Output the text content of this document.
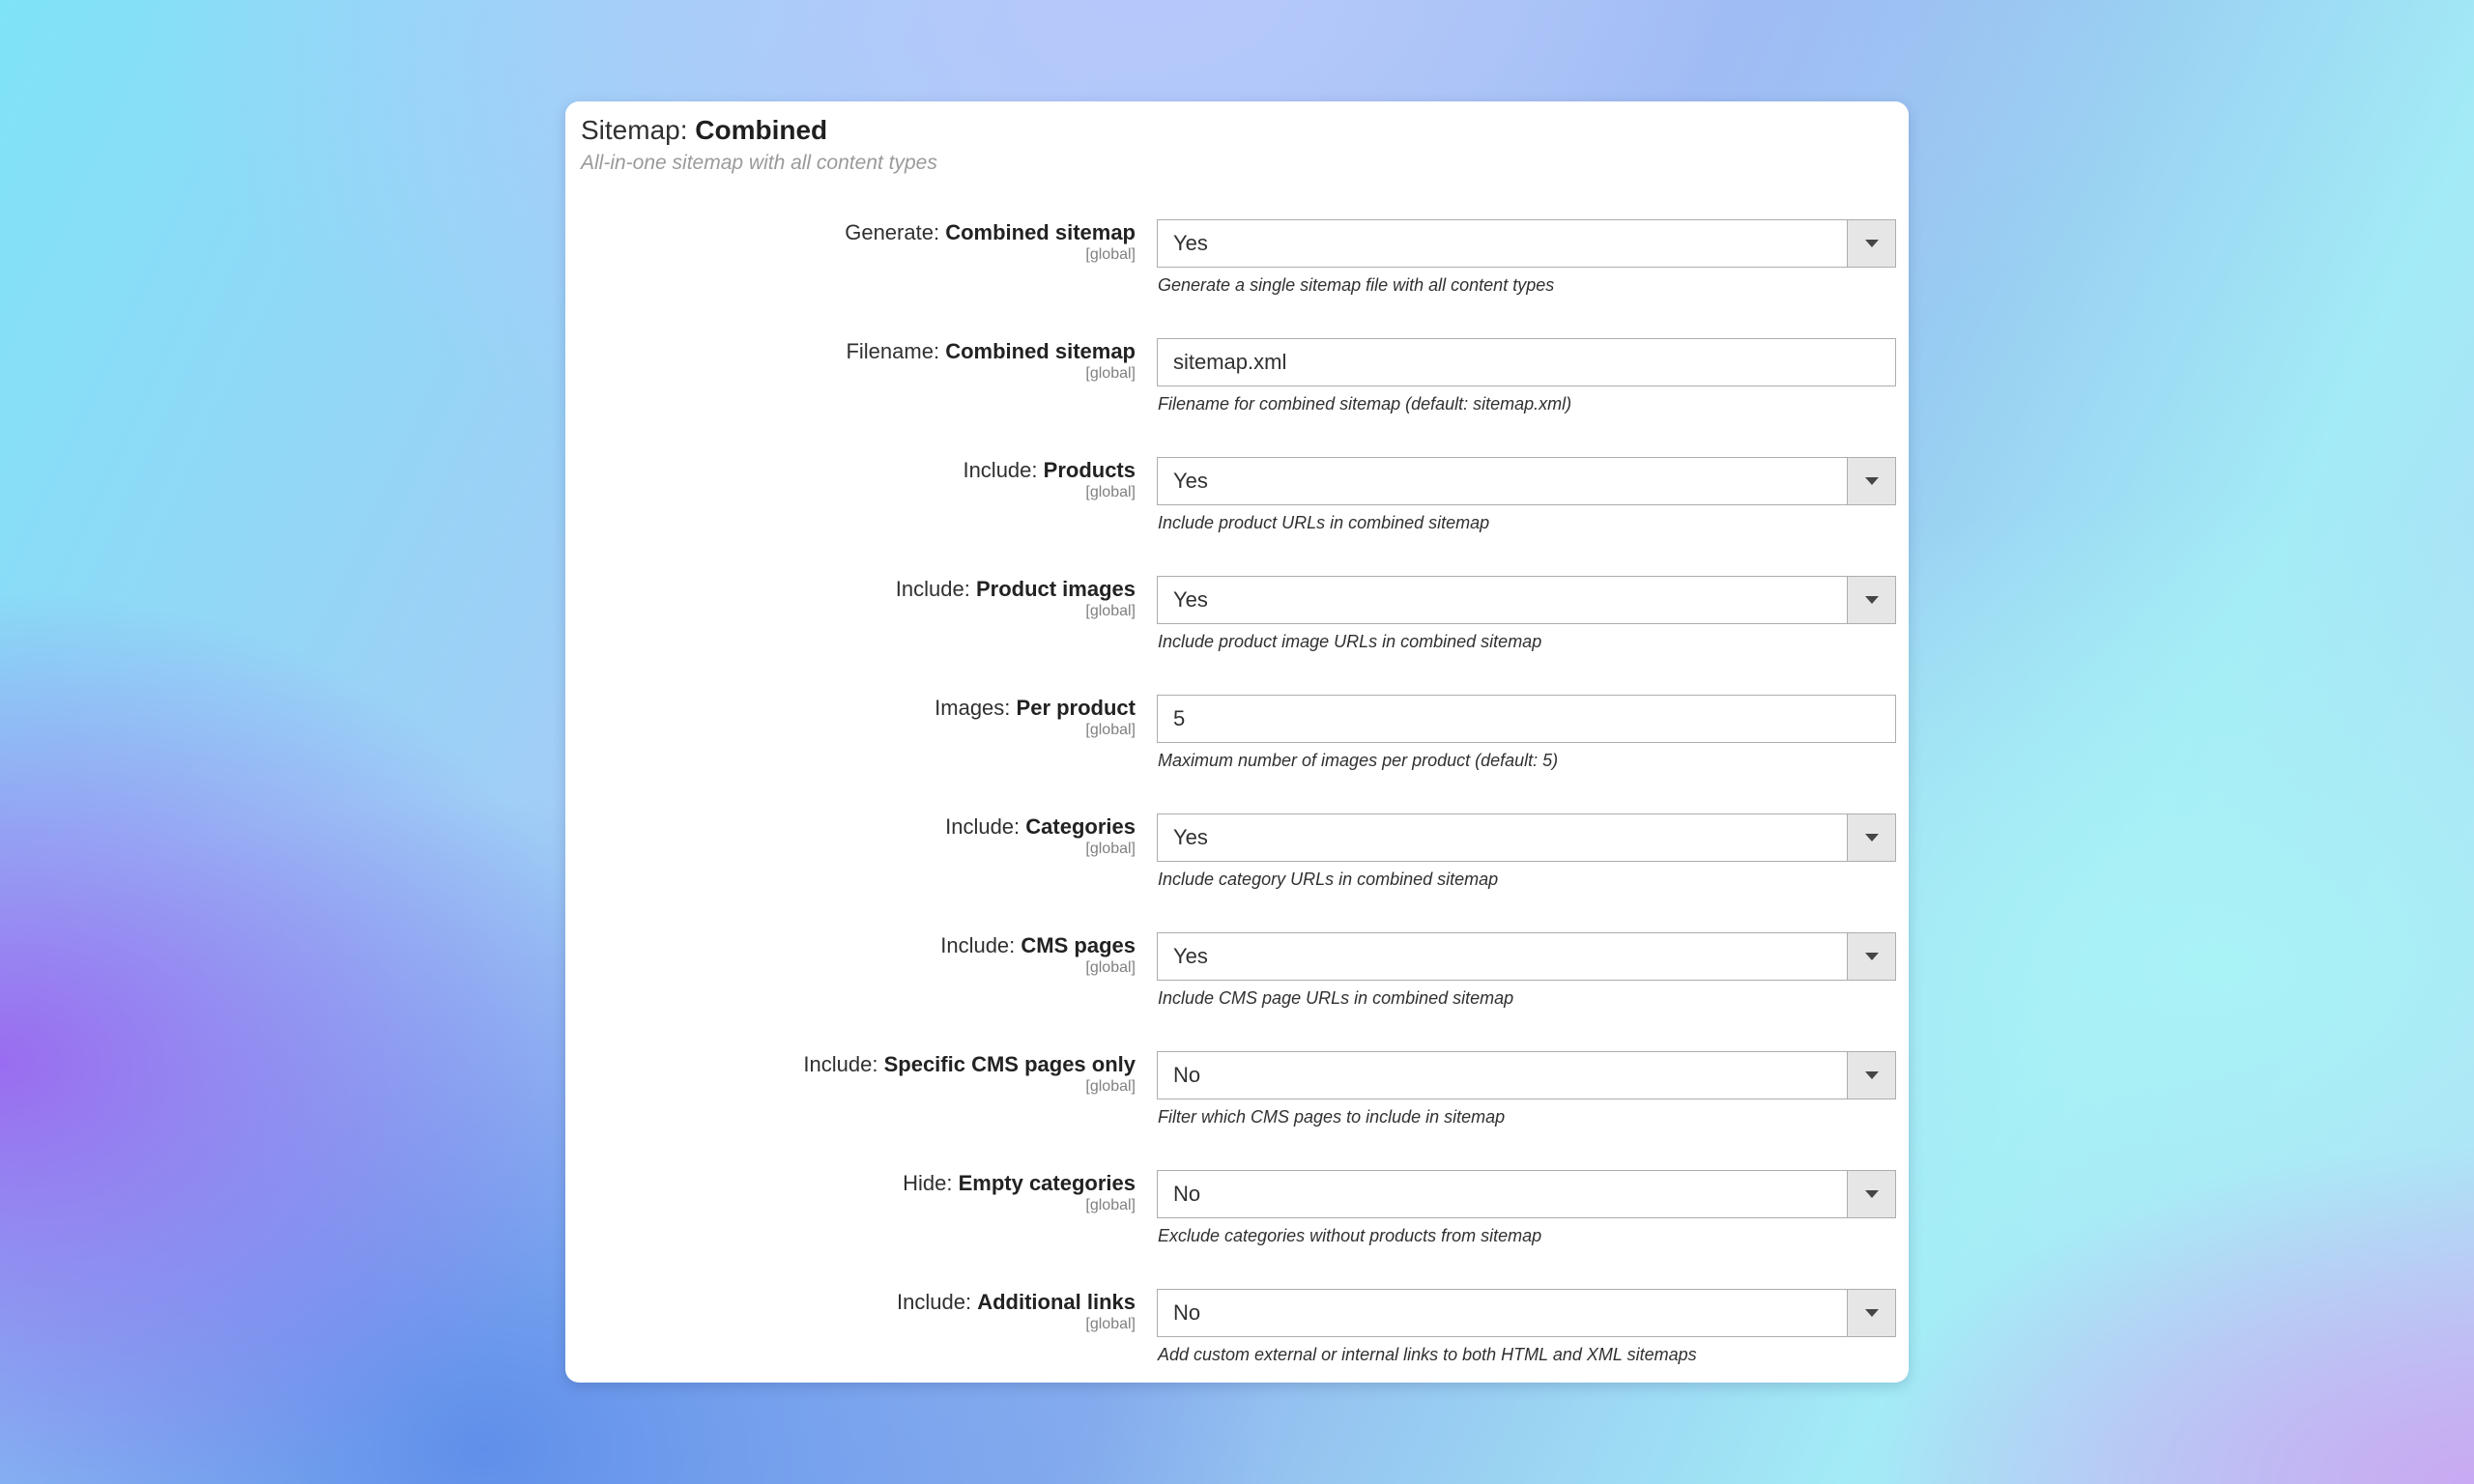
Sitemap: Combined
All-in-one sitemap with all content types
Generate: Combined sitemap
[global] Yes
Generate a single sitemap file with all content types
Filename: Combined sitemap
[global] sitemap.xml
Filename for combined sitemap (default: sitemap.xml)
Include: Products
[global] Yes
Include product URLs in combined sitemap
Include: Product images
[global] Yes
Include product image URLs in combined sitemap
Images: Per product
[global] 5
Maximum number of images per product (default: 5)
Include: Categories
[global] Yes
Include category URLs in combined sitemap
Include: CMS pages
[global] Yes
Include CMS page URLs in combined sitemap
Include: Specific CMS pages only
[global] No
Filter which CMS pages to include in sitemap
Hide: Empty categories
[global] No
Exclude categories without products from sitemap
Include: Additional links
[global] No
Add custom external or internal links to both HTML and XML sitemaps
